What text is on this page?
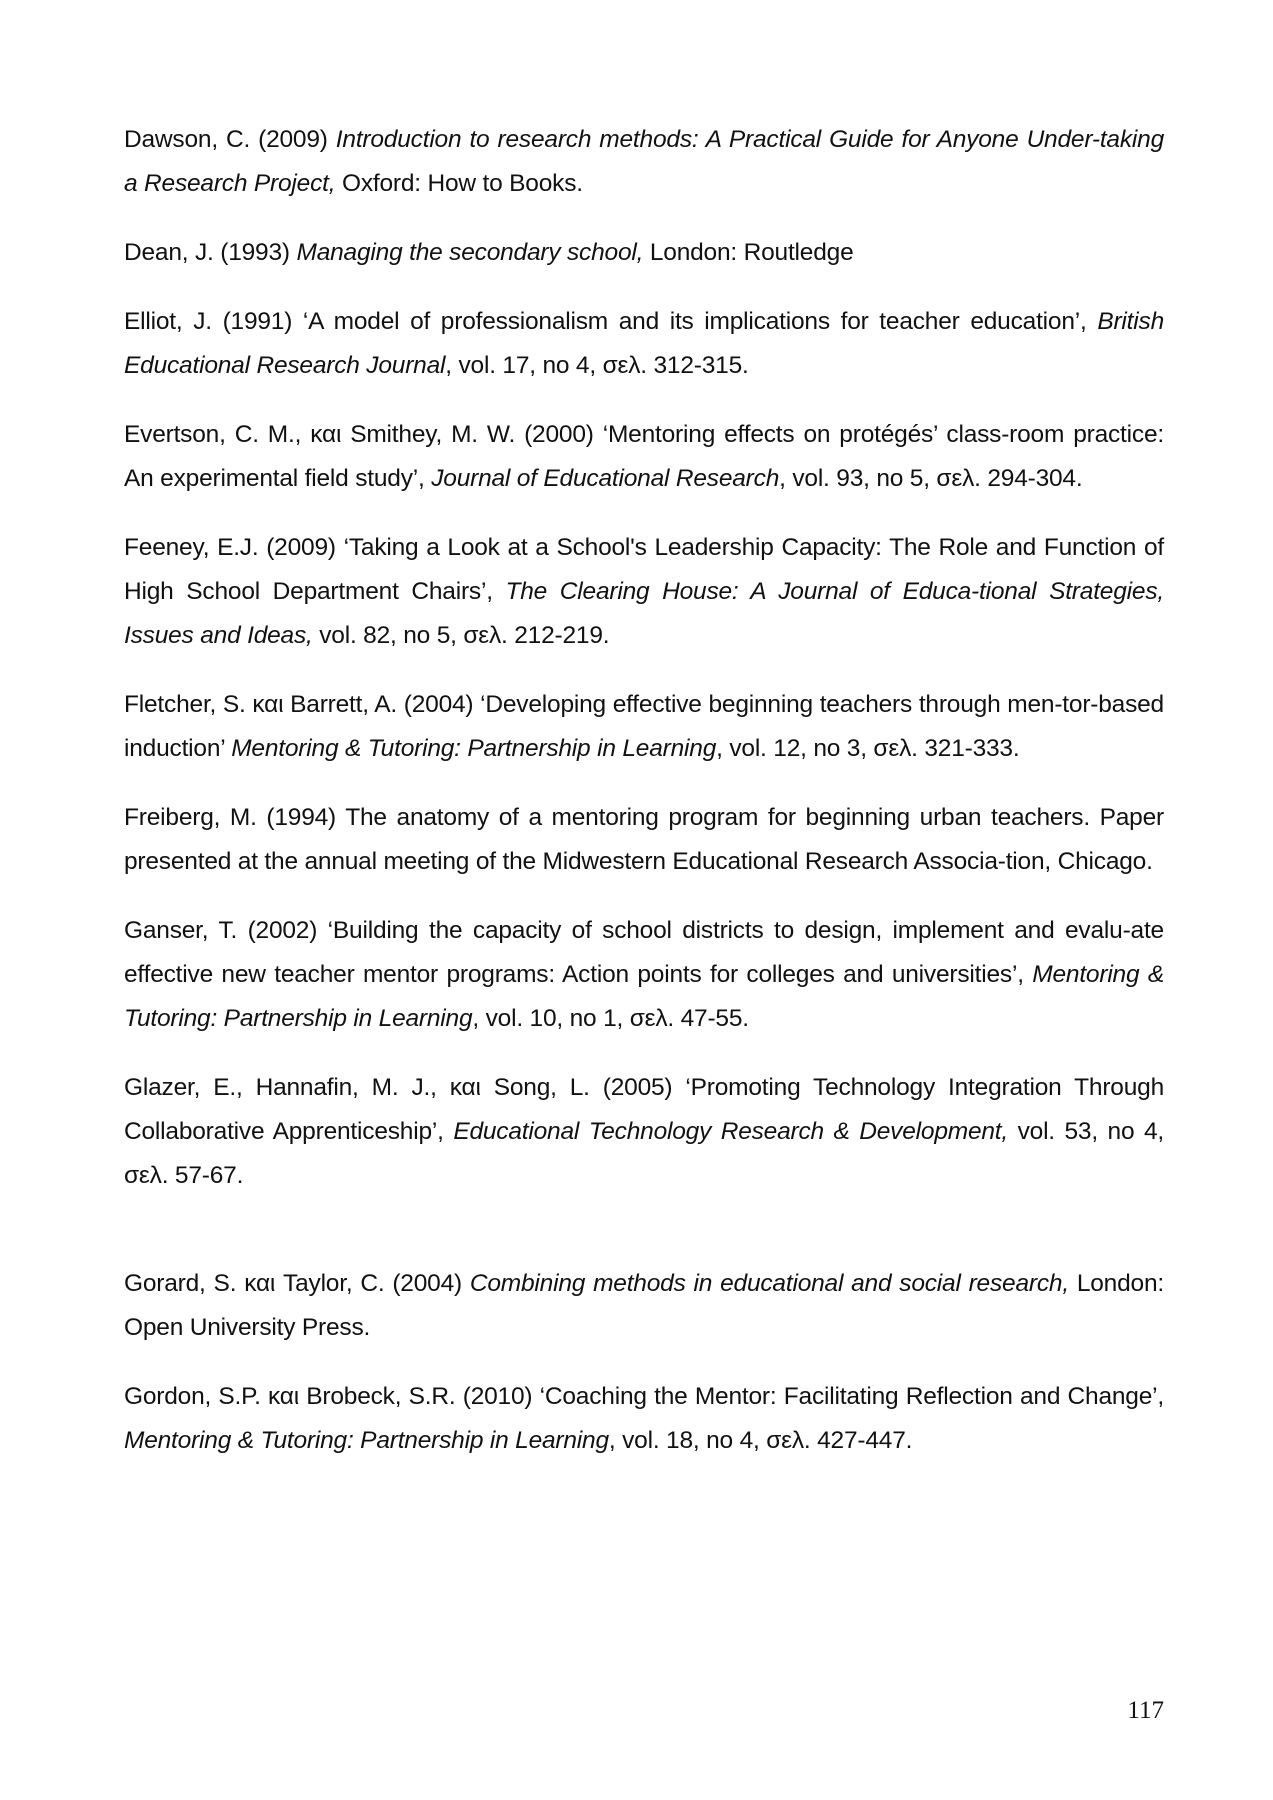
Dawson, C. (2009) Introduction to research methods: A Practical Guide for Anyone Under-taking a Research Project, Oxford: How to Books.

Dean, J. (1993) Managing the secondary school, London: Routledge

Elliot, J. (1991) ‘A model of professionalism and its implications for teacher education’, British Educational Research Journal, vol. 17, no 4, σελ. 312-315.

Evertson, C. M., και Smithey, M. W. (2000) ‘Mentoring effects on protégés’ class-room practice: An experimental field study’, Journal of Educational Research, vol. 93, no 5, σελ. 294-304.

Feeney, E.J. (2009) ‘Taking a Look at a School's Leadership Capacity: The Role and Function of High School Department Chairs’, The Clearing House: A Journal of Educa-tional Strategies, Issues and Ideas, vol. 82, no 5, σελ. 212-219.

Fletcher, S. και Barrett, A. (2004) ‘Developing effective beginning teachers through men-tor-based induction’ Mentoring & Tutoring: Partnership in Learning, vol. 12, no 3, σελ. 321-333.

Freiberg, M. (1994) The anatomy of a mentoring program for beginning urban teachers. Paper presented at the annual meeting of the Midwestern Educational Research Associa-tion, Chicago.

Ganser, T. (2002) ‘Building the capacity of school districts to design, implement and evalu-ate effective new teacher mentor programs: Action points for colleges and universities’, Mentoring & Tutoring: Partnership in Learning, vol. 10, no 1, σελ. 47-55.

Glazer, E., Hannafin, M. J., και Song, L. (2005) ‘Promoting Technology Integration Through Collaborative Apprenticeship’, Educational Technology Research & Development, vol. 53, no 4, σελ. 57-67.

Gorard, S. και Taylor, C. (2004) Combining methods in educational and social research, London: Open University Press.

Gordon, S.P. και Brobeck, S.R. (2010) ‘Coaching the Mentor: Facilitating Reflection and Change’, Mentoring & Tutoring: Partnership in Learning, vol. 18, no 4, σελ. 427-447.

117
